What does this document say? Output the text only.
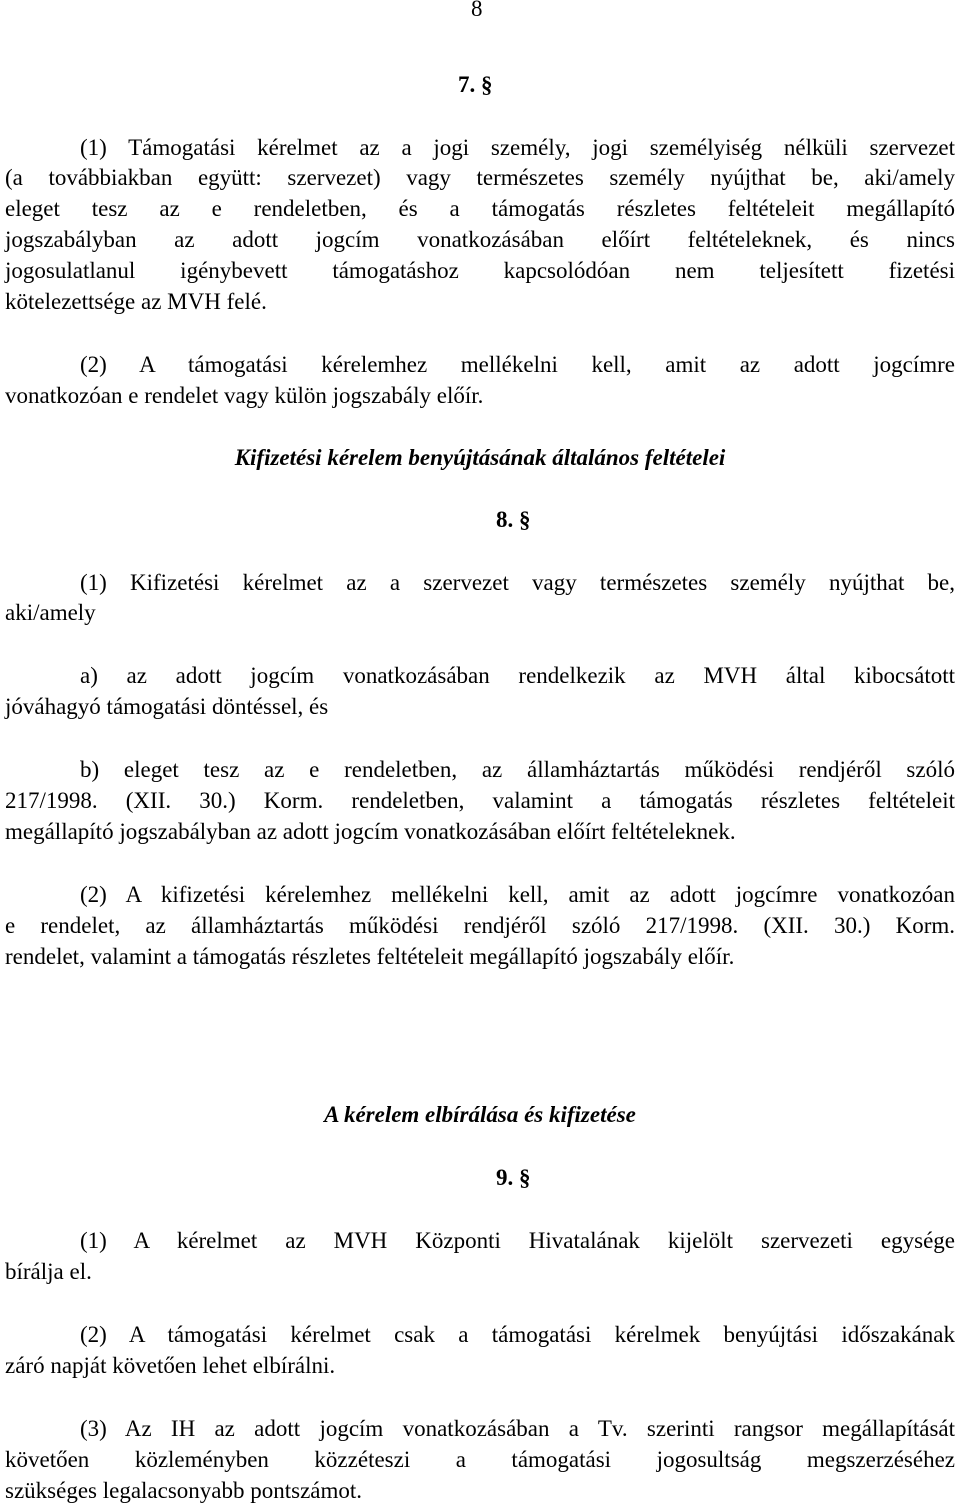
8
7. §
(1) Támogatási kérelmet az a jogi személy, jogi személyiség nélküli szervezet
(a továbbiakban együtt: szervezet) vagy természetes személy nyújthat be, aki/amely
eleget tesz az e rendeletben, és a támogatás részletes feltételeit megállapító
jogszabályban az adott jogcím vonatkozásában előírt feltételeknek, és nincs
jogosulatlanul igénybevett támogatáshoz kapcsolódóan nem teljesített fizetési
kötelezettsége az MVH felé.
(2) A támogatási kérelemhez mellékelni kell, amit az adott jogcímre
vonatkozóan e rendelet vagy külön jogszabály előír.
Kifizetési kérelem benyújtásának általános feltételei
8. §
(1) Kifizetési kérelmet az a szervezet vagy természetes személy nyújthat be,
aki/amely
a) az adott jogcím vonatkozásában rendelkezik az MVH által kibocsátott
jóváhagyó támogatási döntéssel, és
b) eleget tesz az e rendeletben, az államháztartás működési rendjéről szóló
217/1998. (XII. 30.) Korm. rendeletben, valamint a támogatás részletes feltételeit
megállapító jogszabályban az adott jogcím vonatkozásában előírt feltételeknek.
(2) A kifizetési kérelemhez mellékelni kell, amit az adott jogcímre vonatkozóan
e rendelet, az államháztartás működési rendjéről szóló 217/1998. (XII. 30.) Korm.
rendelet, valamint a támogatás részletes feltételeit megállapító jogszabály előír.
A kérelem elbírálása és kifizetése
9. §
(1) A kérelmet az MVH Központi Hivatalának kijelölt szervezeti egysége
bírálja el.
(2) A támogatási kérelmet csak a támogatási kérelmek benyújtási időszakának
záró napját követően lehet elbírálni.
(3) Az IH az adott jogcím vonatkozásában a Tv. szerinti rangsor megállapítását
követően közleményben közzéteszi a támogatási jogosultság megszerzéséhez
szükséges legalacsonyabb pontszámot.
